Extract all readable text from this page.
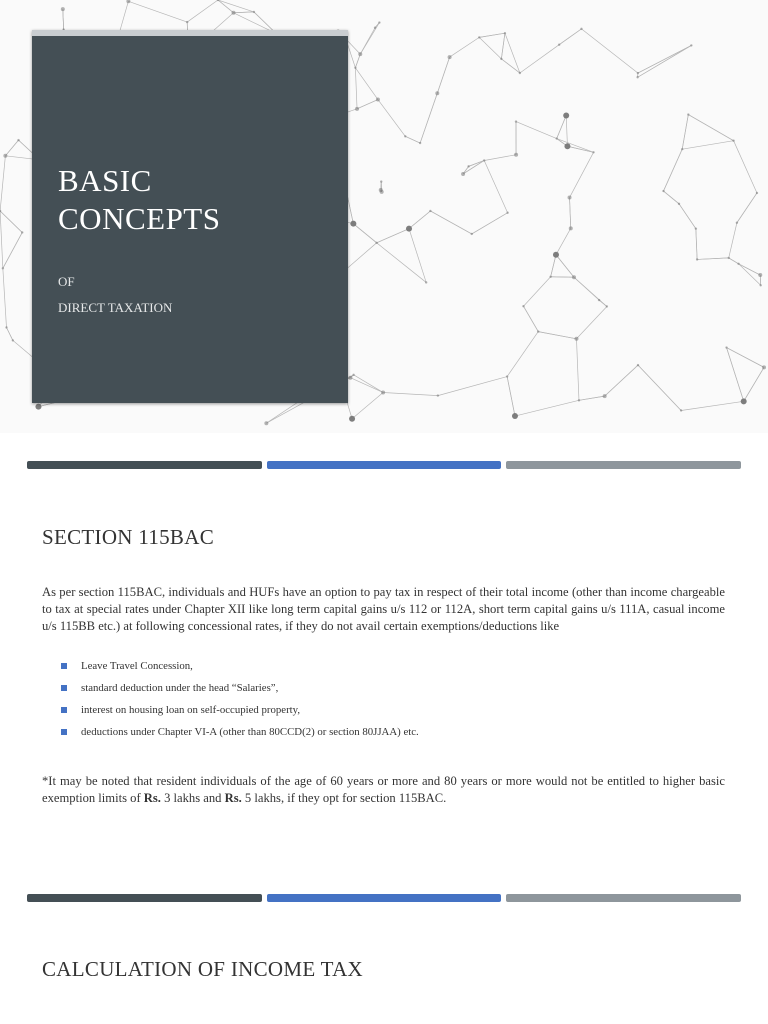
BASIC
CONCEPTS
OF
DIRECT TAXATION
SECTION 115BAC
As per section 115BAC, individuals and HUFs have an option to pay tax in respect of their total income (other than income chargeable to tax at special rates under Chapter XII like long term capital gains u/s 112 or 112A, short term capital gains u/s 111A, casual income u/s 115BB etc.) at following concessional rates, if they do not avail certain exemptions/deductions like
Leave Travel Concession,
standard deduction under the head “Salaries”,
interest on housing loan on self-occupied property,
deductions under Chapter VI-A (other than 80CCD(2) or section 80JJAA) etc.
*It may be noted that resident individuals of the age of 60 years or more and 80 years or more would not be entitled to higher basic exemption limits of Rs. 3 lakhs and Rs. 5 lakhs, if they opt for section 115BAC.
CALCULATION OF INCOME TAX
